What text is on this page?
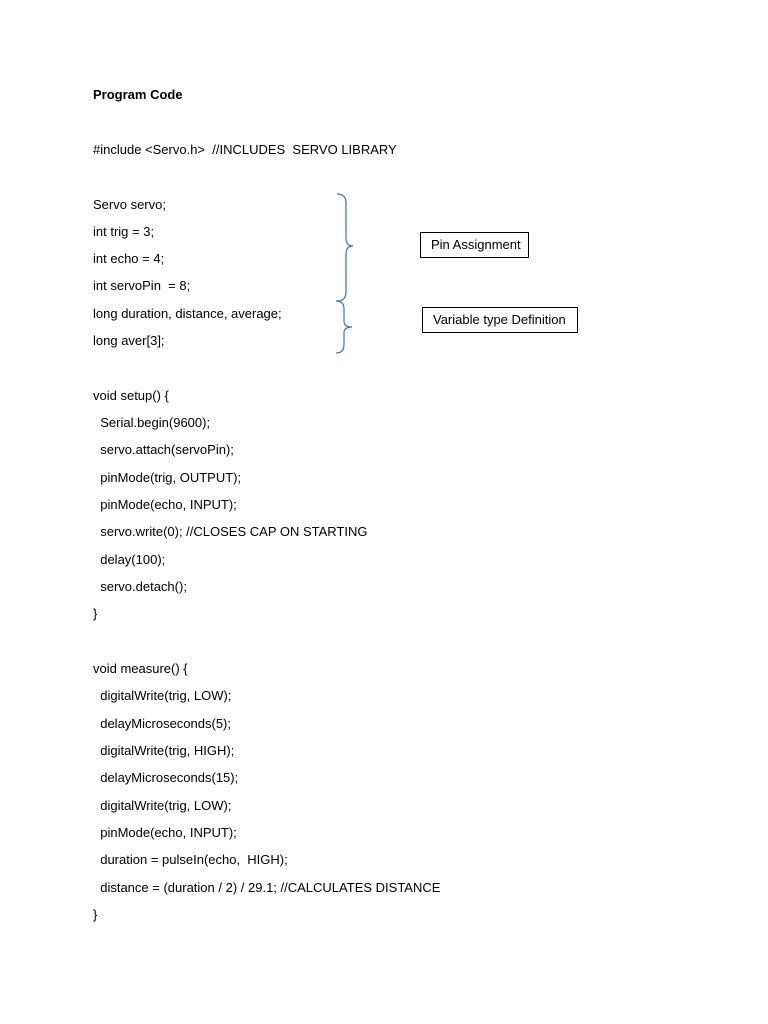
Program Code
#include <Servo.h>  //INCLUDES  SERVO LIBRARY
Servo servo;
int trig = 3;
int echo = 4;
int servoPin  = 8;
long duration, distance, average;
long aver[3];
void setup() {
Serial.begin(9600);
servo.attach(servoPin);
pinMode(trig, OUTPUT);
pinMode(echo, INPUT);
servo.write(0); //CLOSES CAP ON STARTING
delay(100);
servo.detach();
}
void measure() {
digitalWrite(trig, LOW);
delayMicroseconds(5);
digitalWrite(trig, HIGH);
delayMicroseconds(15);
digitalWrite(trig, LOW);
pinMode(echo, INPUT);
duration = pulseIn(echo,  HIGH);
distance = (duration / 2) / 29.1; //CALCULATES DISTANCE
}
Pin Assignment
Variable type Definition
